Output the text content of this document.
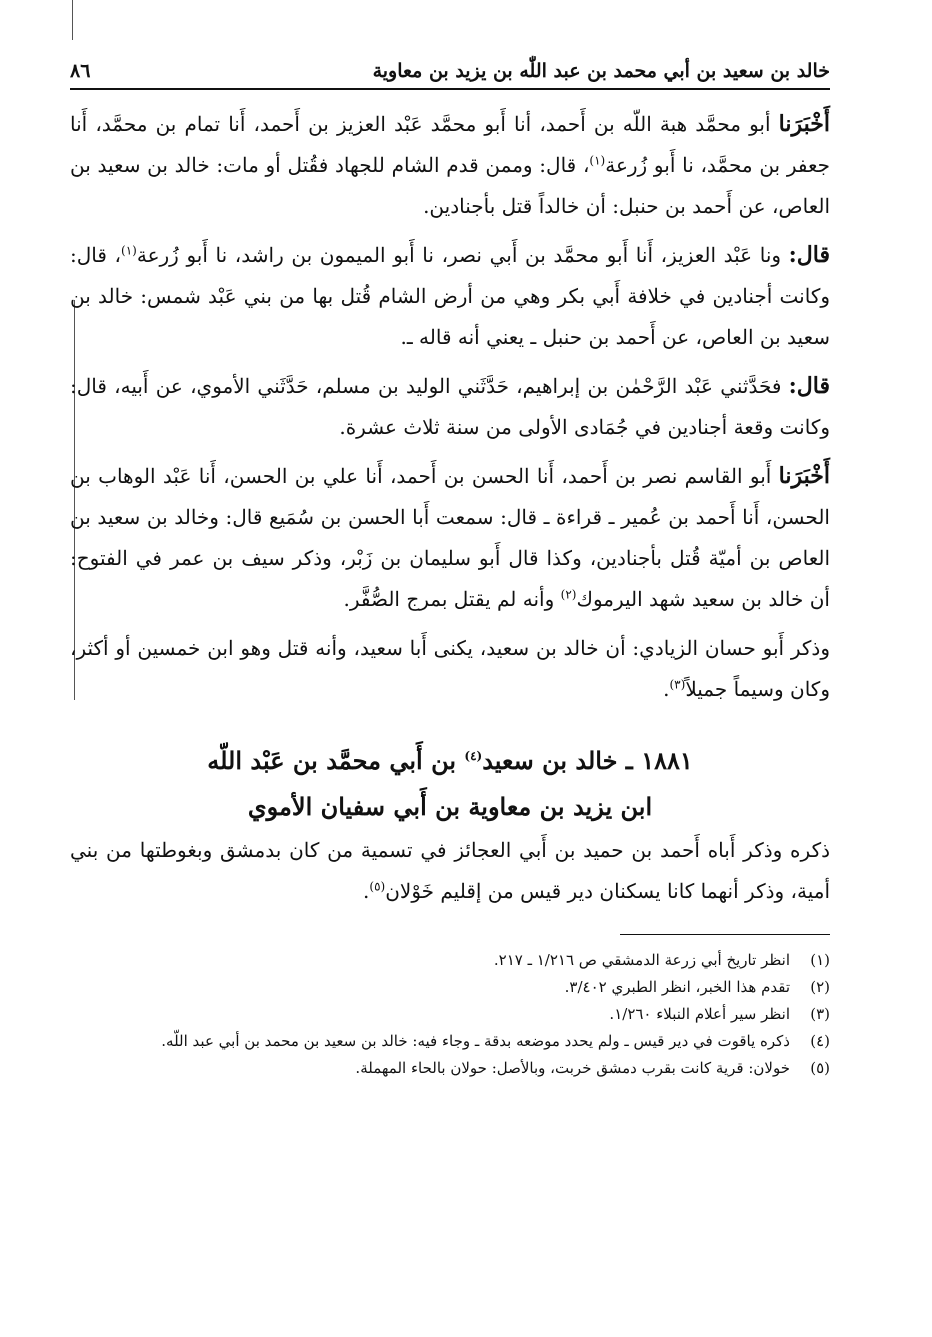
خالد بن سعيد بن أبي محمد بن عبد اللّٰه بن يزيد بن معاوية
٨٦

أَخْبَرَنا أبو محمَّد هبة اللّه بن أَحمد، أنا أَبو محمَّد عَبْد العزيز بن أَحمد، أَنا تمام بن محمَّد، أَنا جعفر بن محمَّد، نا أَبو زُرعة$^{(١)}$، قال: وممن قدم الشام للجهاد فقُتل أو مات: خالد بن سعيد بن العاص، عن أَحمد بن حنبل: أن خالداً قتل بأجنادين.

قال: ونا عَبْد العزيز، أَنا أَبو محمَّد بن أَبي نصر، نا أَبو الميمون بن راشد، نا أَبو زُرعة$^{(١)}$، قال: وكانت أجنادين في خلافة أَبي بكر وهي من أرض الشام قُتل بها من بني عَبْد شمس: خالد بن سعيد بن العاص، عن أَحمد بن حنبل ـ يعني أنه قاله ـ.

قال: فحَدَّثني عَبْد الرَّحْمٰن بن إبراهيم، حَدَّثَني الوليد بن مسلم، حَدَّثَني الأموي، عن أَبيه، قال: وكانت وقعة أجنادين في جُمَادى الأولى من سنة ثلاث عشرة.

أَخْبَرَنا أَبو القاسم نصر بن أَحمد، أَنا الحسن بن أَحمد، أَنا علي بن الحسن، أَنا عَبْد الوهاب بن الحسن، أَنا أَحمد بن عُمير ـ قراءة ـ قال: سمعت أَبا الحسن بن سُمَيع قال: وخالد بن سعيد بن العاص بن أميّة قُتل بأجنادين، وكذا قال أَبو سليمان بن زَبْر، وذكر سيف بن عمر في الفتوح: أن خالد بن سعيد شهد اليرموك$^{(٢)}$ وأنه لم يقتل بمرج الصُّفَّر.

وذكر أَبو حسان الزيادي: أن خالد بن سعيد، يكنى أَبا سعيد، وأنه قتل وهو ابن خمسين أو أكثر، وكان وسيماً جميلاً$^{(٣)}$.

١٨٨١ ـ خالد بن سعيد$^{(٤)}$ بن أَبي محمَّد بن عَبْد اللّه
ابن يزيد بن معاوية بن أَبي سفيان الأموي

ذكره وذكر أَباه أَحمد بن حميد بن أَبي العجائز في تسمية من كان بدمشق وبغوطتها من بني أمية، وذكر أنهما كانا يسكنان دير قيس من إقليم خَوْلان$^{(٥)}$.

(١)
انظر تاريخ أبي زرعة الدمشقي ص ١/٢١٦ ـ ٢١٧.
(٢)
تقدم هذا الخبر، انظر الطبري ٣/٤٠٢.
(٣)
انظر سير أعلام النبلاء ١/٢٦٠.
(٤)
ذكره ياقوت في دير قيس ـ ولم يحدد موضعه بدقة ـ وجاء فيه: خالد بن سعيد بن محمد بن أبي عبد اللّه.
(٥)
خولان: قرية كانت بقرب دمشق خربت، وبالأصل: حولان بالحاء المهملة.
